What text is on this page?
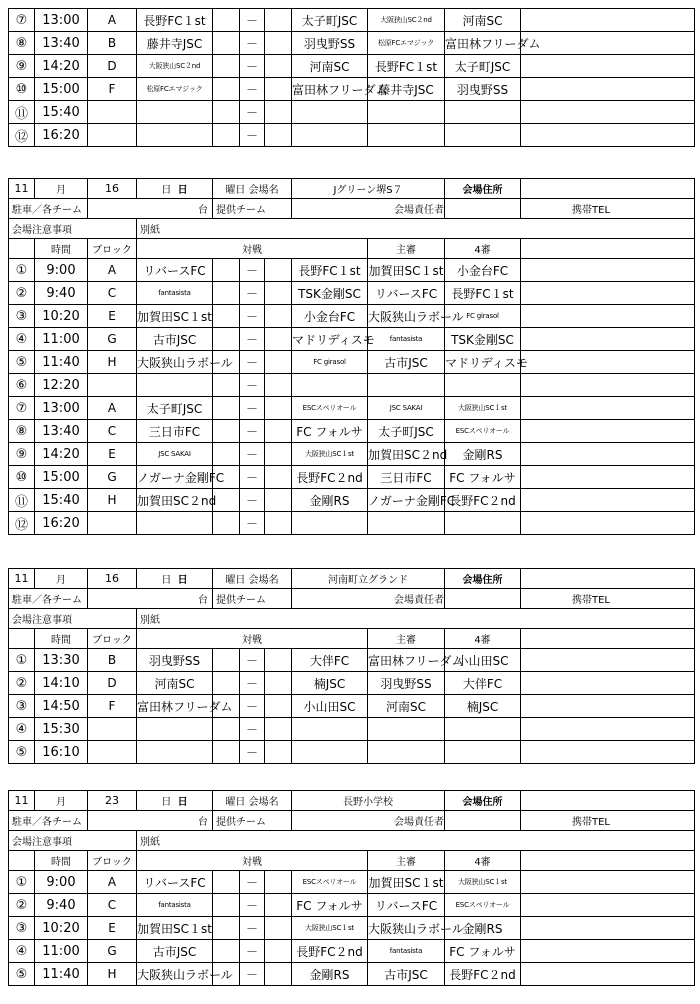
⑦	13:00	A	長野FC１st		－		太子町JSC	大阪狭山SC２nd	河南SC	
⑧	13:40	B	藤井寺JSC		－		羽曳野SS	松原FCエマジック	富田林フリーダム	
⑨	14:20	D	大阪狭山SC２nd		－		河南SC	長野FC１st	太子町JSC	
⑩	15:00	F	松原FCエマジック		－		富田林フリーダム	藤井寺JSC	羽曳野SS	
⑪	15:40				－					
⑫	16:20				－					
11	月	16	日 日	曜日 会場名			Jグリーン堺S７		会場住所	
駐車／各チーム		台		提供チーム			会場責任者			携帯TEL
会場注意事項			別紙							
	時間	ブロック	対戦					主審	4審	
①	9:00	A	リバースFC		－		長野FC１st	加賀田SC１st	小金台FC	
②	9:40	C	fantasista		－		TSK金剛SC	リバースFC	長野FC１st	
③	10:20	E	加賀田SC１st		－		小金台FC	大阪狭山ラボール	FC girasol	
④	11:00	G	古市JSC		－		マドリディスモ	fantasista	TSK金剛SC	
⑤	11:40	H	大阪狭山ラボール		－		FC girasol	古市JSC	マドリディスモ	
⑥	12:20				－					
⑦	13:00	A	太子町JSC		－		ESCスペリオール	JSC SAKAI	大阪狭山SC１st	
⑧	13:40	C	三日市FC		－		FC フォルサ	太子町JSC	ESCスペリオール	
⑨	14:20	E	JSC SAKAI		－		大阪狭山SC１st	加賀田SC２nd	金剛RS	
⑩	15:00	G	ノガーナ金剛FC		－		長野FC２nd	三日市FC	FC フォルサ	
⑪	15:40	H	加賀田SC２nd		－		金剛RS	ノガーナ金剛FC	長野FC２nd	
⑫	16:20				－					
11	月	16	日 日	曜日 会場名			河南町立グランド		会場住所	
駐車／各チーム		台		提供チーム			会場責任者			携帯TEL
会場注意事項			別紙							
	時間	ブロック	対戦					主審	4審	
①	13:30	B	羽曳野SS		－		大伴FC	富田林フリーダム	小山田SC	
②	14:10	D	河南SC		－		楠JSC	羽曳野SS	大伴FC	
③	14:50	F	富田林フリーダム		－		小山田SC	河南SC	楠JSC	
④	15:30				－					
⑤	16:10				－					
11	月	23	日 日	曜日 会場名			長野小学校		会場住所	
駐車／各チーム		台		提供チーム			会場責任者			携帯TEL
会場注意事項			別紙							
	時間	ブロック	対戦					主審	4審	
①	9:00	A	リバースFC		－		ESCスペリオール	加賀田SC１st	大阪狭山SC１st	
②	9:40	C	fantasista		－		FC フォルサ	リバースFC	ESCスペリオール	
③	10:20	E	加賀田SC１st		－		大阪狭山SC１st	大阪狭山ラボール	金剛RS	
④	11:00	G	古市JSC		－		長野FC２nd	fantasista	FC フォルサ	
⑤	11:40	H	大阪狭山ラボール		－		金剛RS	古市JSC	長野FC２nd	
